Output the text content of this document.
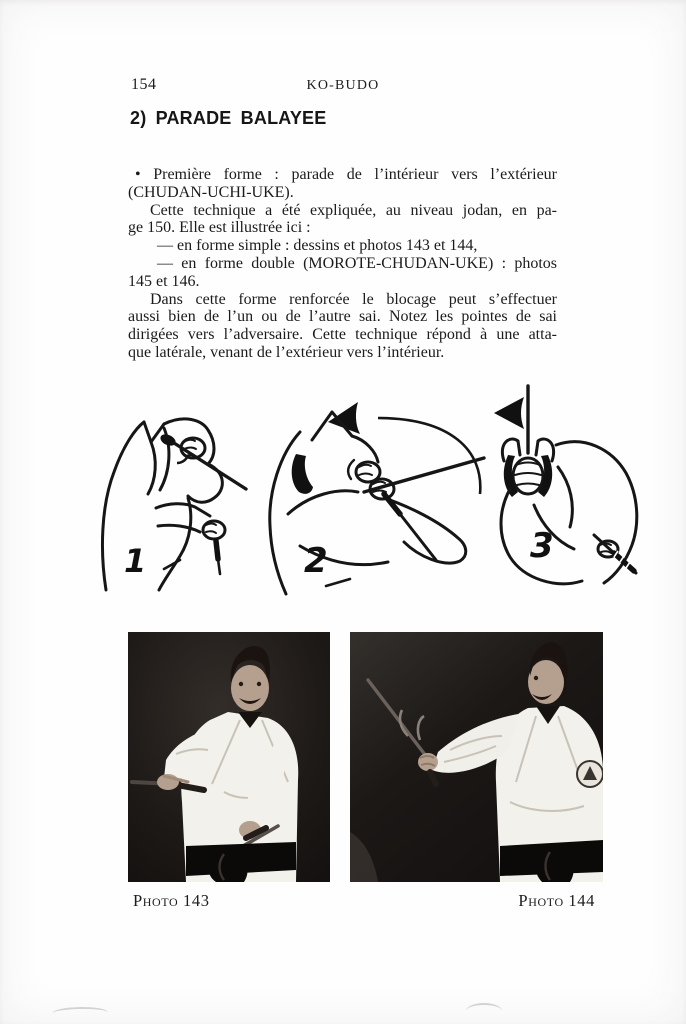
154	KO-BUDO
2) PARADE BALAYEE
• Première forme : parade de l’intérieur vers l’extérieur
(CHUDAN-UCHI-UKE).
Cette technique a été expliquée, au niveau jodan, en pa-
ge 150. Elle est illustrée ici :
— en forme simple : dessins et photos 143 et 144,
— en forme double (MOROTE-CHUDAN-UKE) : photos
145 et 146.
Dans cette forme renforcée le blocage peut s’effectuer
aussi bien de l’un ou de l’autre sai. Notez les pointes de sai
dirigées vers l’adversaire. Cette technique répond à une atta-
que latérale, venant de l’extérieur vers l’intérieur.
1	2	3
Photo 143	Photo 144
